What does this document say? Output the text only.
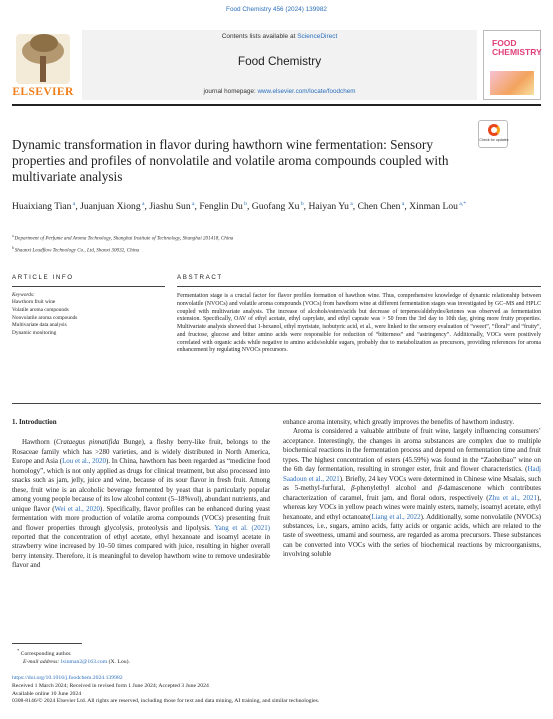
Food Chemistry 456 (2024) 139982
ELSEVIER
Contents lists available at ScienceDirect
Food Chemistry
journal homepage: www.elsevier.com/locate/foodchem
FOOD
CHEMISTRY
Check for updates
Dynamic transformation in flavor during hawthorn wine fermentation: Sensory properties and profiles of nonvolatile and volatile aroma compounds coupled with multivariate analysis
Huaixiang Tian $^a$, Juanjuan Xiong $^a$, Jiashu Sun $^a$, Fenglin Du $^b$, Guofang Xu $^b$, Haiyan Yu $^a$, Chen Chen $^a$, Xinman Lou $^{a,*}$
$^a$ Department of Perfume and Aroma Technology, Shanghai Institute of Technology, Shanghai 201418, China
$^b$ Shaanxi Leadflow Technology Co., Ltd, Shanxi 30032, China
ARTICLE INFO	ABSTRACT
Keywords:
Hawthorn fruit wine
Volatile aroma compounds
Nonvolatile aroma compounds
Multivariate data analysis
Dynamic monitoring
Fermentation stage is a crucial factor for flavor profiles formation of hawthon wine. Thus, comprehensive knowledge of dynamic relationship between nonvolatile (NVOCs) and volatile aroma compounds (VOCs) from hawthorn wine at different fermentation stages was investigated by GC–MS and HPLC coupled with multivariate analysis. The increase of alcohols/esters/acids but decrease of terpenes/aldehydes/ketones was observed as fermentation extension. Specifically, OAV of ethyl acetate, ethyl caprylate, and ethyl caprate was > 50 from the 3rd day to 10th day, giving more fruity properties. Multivariate analysis showed that 1-hexanol, ethyl myristate, isobutyric acid, et al., were linked to the sensory evaluation of “sweet”, “floral” and “fruity”, and fructose, glucose and bitter amino acids were responsible for reduction of “bitterness” and “astringency”. Additionally, VOCs were positively correlated with organic acids while negative to amino acids/soluble sugars, probably due to metabolization as precursors, providing references for aroma enhancement by regulating NVOCs precursors.
1. Introduction
Hawthorn (Crataegus pinnatifida Bunge), a fleshy berry-like fruit, belongs to the Rosaceae family which has >280 varieties, and is widely distributed in North America, Europe and Asia (Lou et al., 2020). In China, hawthorn has been regarded as “medicine food homology”, which is not only applied as drugs for clinical treatment, but also processed into snacks such as jam, jelly, juice and wine, because of its sour flavor in fresh fruit. Among these, fruit wine is an alcoholic beverage fermented by yeast that is particularly popular among young people because of its low alcohol content (5–18%vol), abundant nutrients, and unique flavor (Wei et al., 2020). Specifically, flavor profiles can be enhanced during yeast fermentation with more production of volatile aroma compounds (VOCs) presenting fruit and flower properties through glycolysis, proteolysis and lipolysis. Yang et al. (2021) reported that the concentration of ethyl acetate, ethyl hexanoate and isoamyl acetate in strawberry wine increased by 10–50 times compared with juice, resulting in higher overall berry intensity. Therefore, it is meaningful to develop hawthorn wine to remove undesirable flavor and
enhance aroma intensity, which greatly improves the benefits of hawthorn industry.
Aroma is considered a valuable attribute of fruit wine, largely influencing consumers’ acceptance. Interestingly, the changes in aroma substances are complex due to multiple biochemical reactions in the fermentation process and depend on fermentation time and fruit types. The highest concentration of esters (45.59%) was found in the “Zaoheibao” wine on the 6th day fermentation, resulting in stronger ester, fruit and flower characteristics. (Hadj Saadoun et al., 2021). Briefly, 24 key VOCs were determined in Chinese wine Msalais, such as 5-methyl-furfural, β-phenylethyl alcohol and β-damascenone which contributes characterization of caramel, fruit jam, and floral odors, respectively (Zhu et al., 2021), whereas key VOCs in yellow peach wines were mainly esters, namely, isoamyl acetate, ethyl hexanoate, and ethyl octanoate(Liang et al., 2022). Additionally, some nonvolatile (NVOCs) substances, i.e., sugars, amino acids, fatty acids or organic acids, which are related to the taste of sweetness, umami and sourness, are regarded as aroma precursors. These substances can be converted into VOCs with the series of biochemical reactions by microorganisms, involving soluble
* Corresponding author.
E-mail address: lxinman2@163.com (X. Lou).
https://doi.org/10.1016/j.foodchem.2024.139982
Received 1 March 2024; Received in revised form 1 June 2024; Accepted 3 June 2024
Available online 10 June 2024
0308-8146/© 2024 Elsevier Ltd. All rights are reserved, including those for text and data mining, AI training, and similar technologies.
